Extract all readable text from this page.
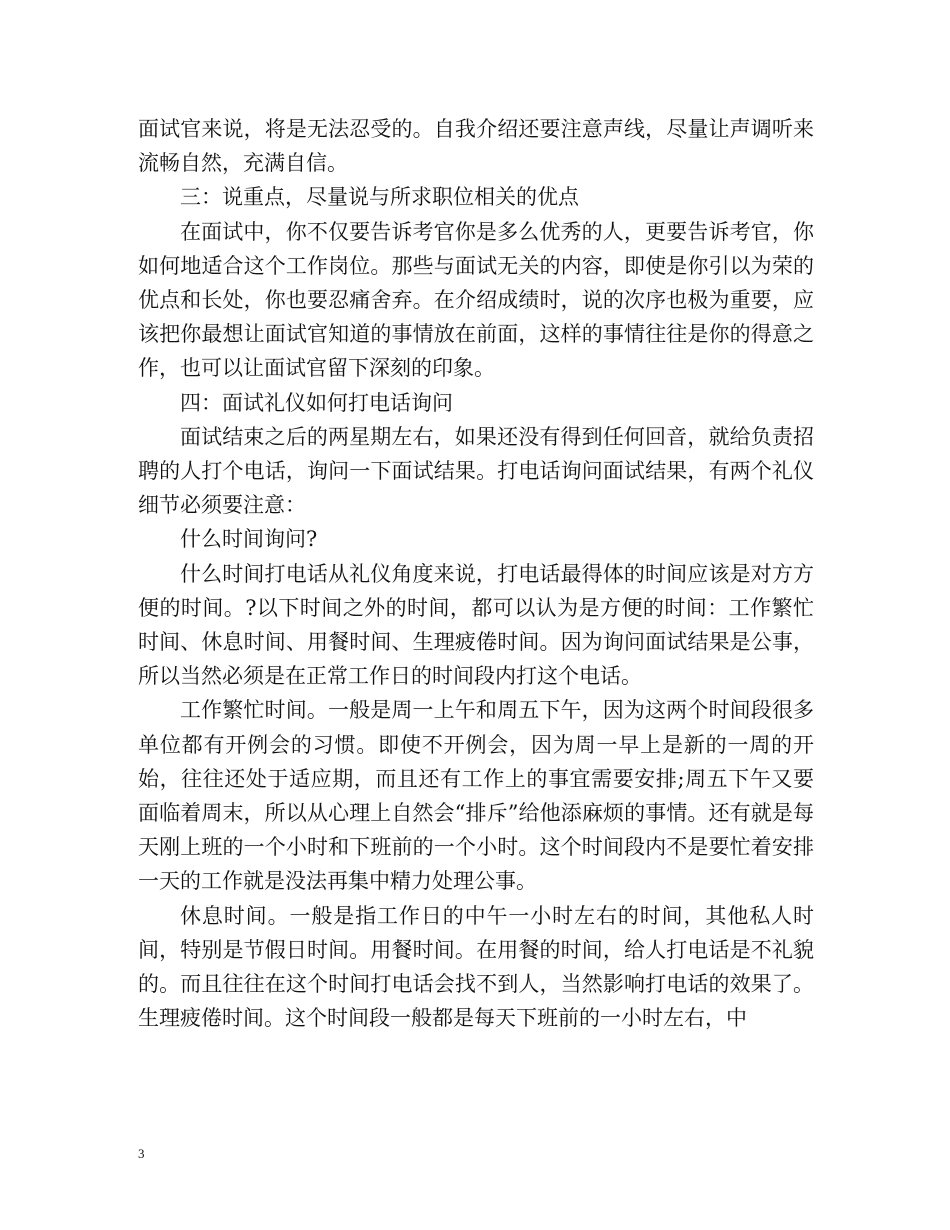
面试官来说，将是无法忍受的。自我介绍还要注意声线，尽量让声调听来流畅自然，充满自信。

三：说重点，尽量说与所求职位相关的优点

在面试中，你不仅要告诉考官你是多么优秀的人，更要告诉考官，你如何地适合这个工作岗位。那些与面试无关的内容，即使是你引以为荣的优点和长处，你也要忍痛舍弃。在介绍成绩时，说的次序也极为重要，应该把你最想让面试官知道的事情放在前面，这样的事情往往是你的得意之作，也可以让面试官留下深刻的印象。

四：面试礼仪如何打电话询问

面试结束之后的两星期左右，如果还没有得到任何回音，就给负责招聘的人打个电话，询问一下面试结果。打电话询问面试结果，有两个礼仪细节必须要注意：

什么时间询问?

什么时间打电话从礼仪角度来说，打电话最得体的时间应该是对方方便的时间。?以下时间之外的时间，都可以认为是方便的时间：工作繁忙时间、休息时间、用餐时间、生理疲倦时间。因为询问面试结果是公事，所以当然必须是在正常工作日的时间段内打这个电话。

工作繁忙时间。一般是周一上午和周五下午，因为这两个时间段很多单位都有开例会的习惯。即使不开例会，因为周一早上是新的一周的开始，往往还处于适应期，而且还有工作上的事宜需要安排;周五下午又要面临着周末，所以从心理上自然会“排斥”给他添麻烦的事情。还有就是每天刚上班的一个小时和下班前的一个小时。这个时间段内不是要忙着安排一天的工作就是没法再集中精力处理公事。

休息时间。一般是指工作日的中午一小时左右的时间，其他私人时间，特别是节假日时间。用餐时间。在用餐的时间，给人打电话是不礼貌的。而且往往在这个时间打电话会找不到人，当然影响打电话的效果了。生理疲倦时间。这个时间段一般都是每天下班前的一小时左右，中

3
